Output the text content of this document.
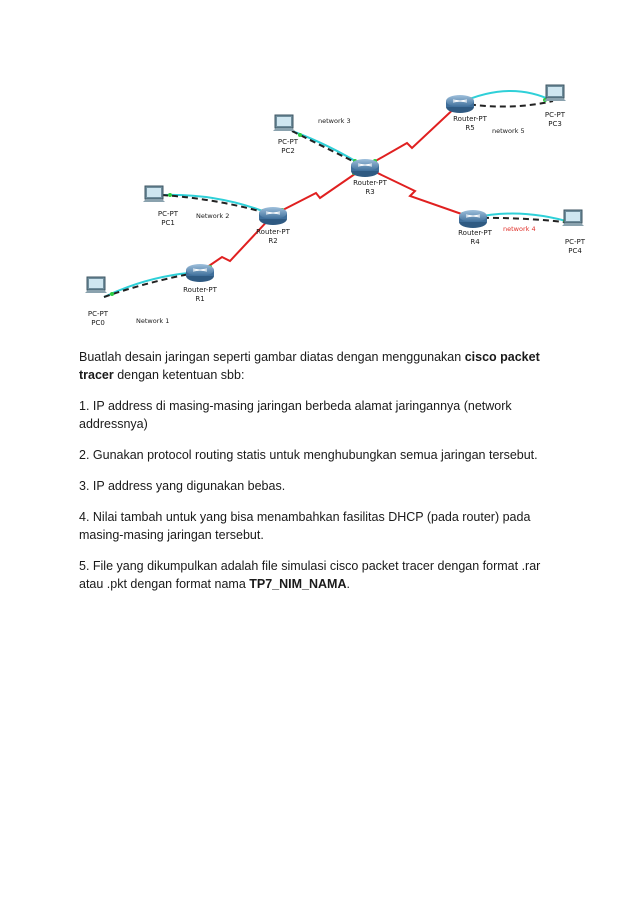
Router-PT
R1
Router-PT
R2
Router-PT
R3
Router-PT
R4
Router-PT
R5
PC-PT
PC0
PC-PT
PC1
PC-PT
PC2
PC-PT
PC3
PC-PT
PC4
Network 1
Network 2
network 3
network 4
network 5

Buatlah desain jaringan seperti gambar diatas dengan menggunakan cisco packet tracer dengan ketentuan sbb:

1. IP address di masing-masing jaringan berbeda alamat jaringannya (network addressnya)

2. Gunakan protocol routing statis untuk menghubungkan semua jaringan tersebut.

3. IP address yang digunakan bebas.

4. Nilai tambah untuk yang bisa menambahkan fasilitas DHCP (pada router) pada masing-masing jaringan tersebut.

5. File yang dikumpulkan adalah file simulasi cisco packet tracer dengan format .rar atau .pkt dengan format nama TP7_NIM_NAMA.
